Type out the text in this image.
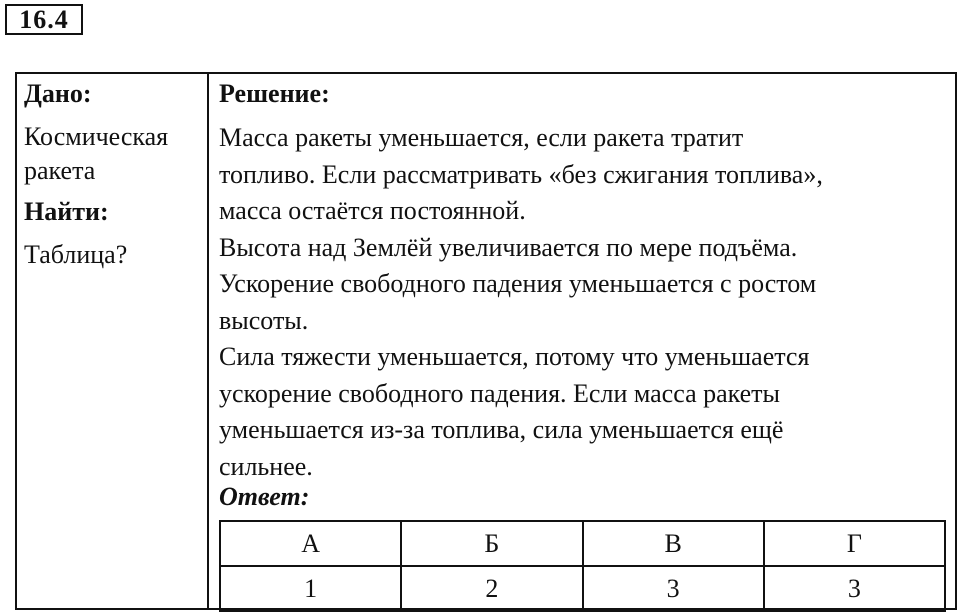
16.4
Дано:
Космическая
ракета
Найти:
Таблица?
Решение:
Масса ракеты уменьшается, если ракета тратит
топливо. Если рассматривать «без сжигания топлива»,
масса остаётся постоянной.
Высота над Землёй увеличивается по мере подъёма.
Ускорение свободного падения уменьшается с ростом
высоты.
Сила тяжести уменьшается, потому что уменьшается
ускорение свободного падения. Если масса ракеты
уменьшается из-за топлива, сила уменьшается ещё
сильнее.
Ответ:
А	Б	В	Г
1	2	3	3
